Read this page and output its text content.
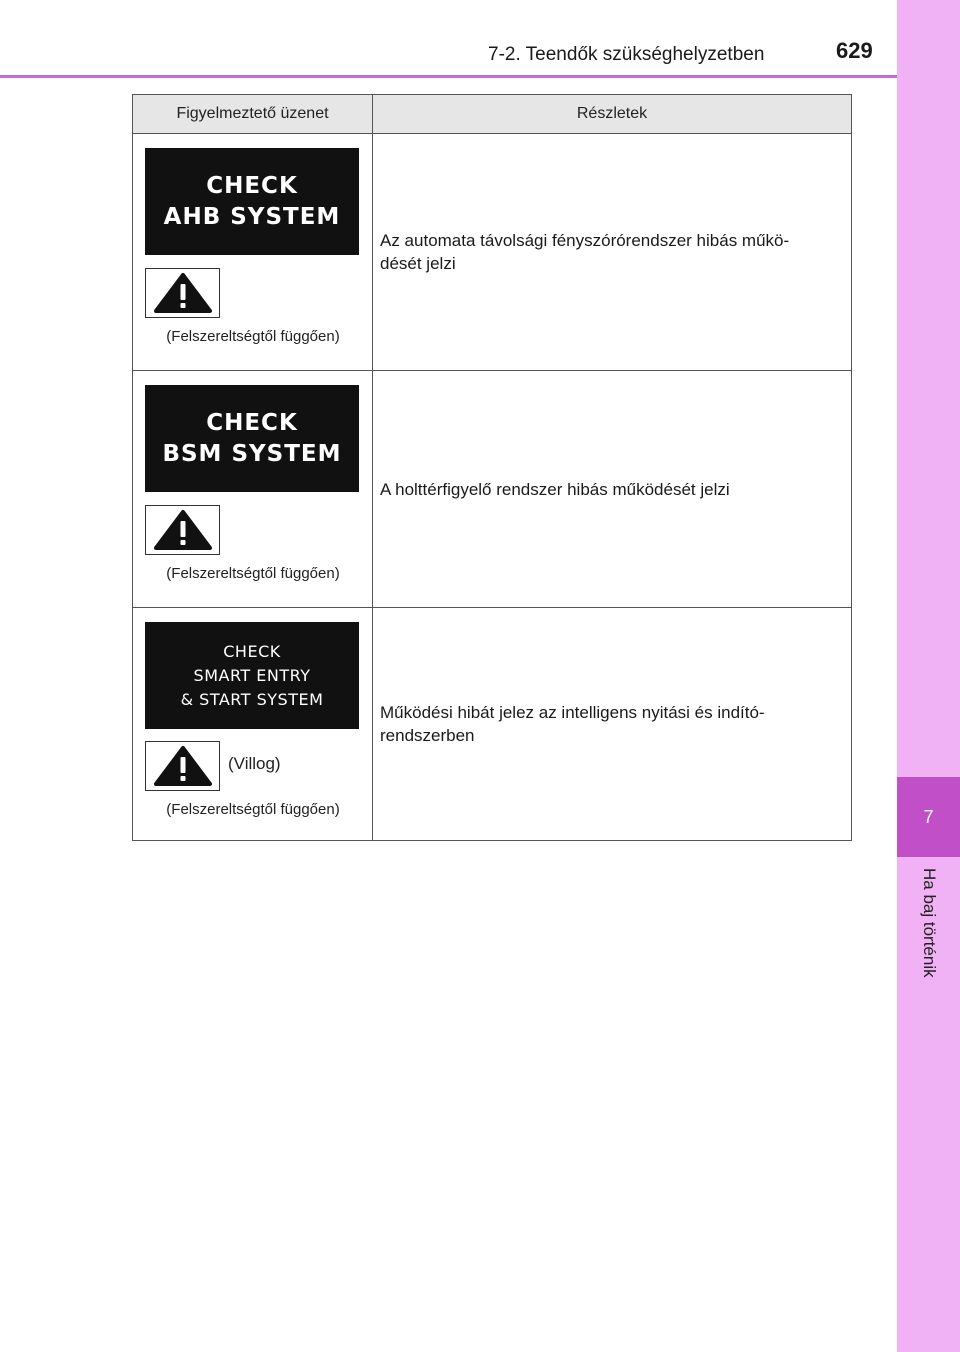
7
Ha baj történik
7-2. Teendők szükséghelyzetben	629
Figyelmeztető üzenet	Részletek
CHECK
AHB SYSTEM
(Felszereltségtől függően)
Az automata távolsági fényszórórendszer hibás műkö-
dését jelzi
CHECK
BSM SYSTEM
(Felszereltségtől függően)
A holttérfigyelő rendszer hibás működését jelzi
CHECK
SMART ENTRY
& START SYSTEM
(Villog)
(Felszereltségtől függően)
Működési hibát jelez az intelligens nyitási és indító-
rendszerben
